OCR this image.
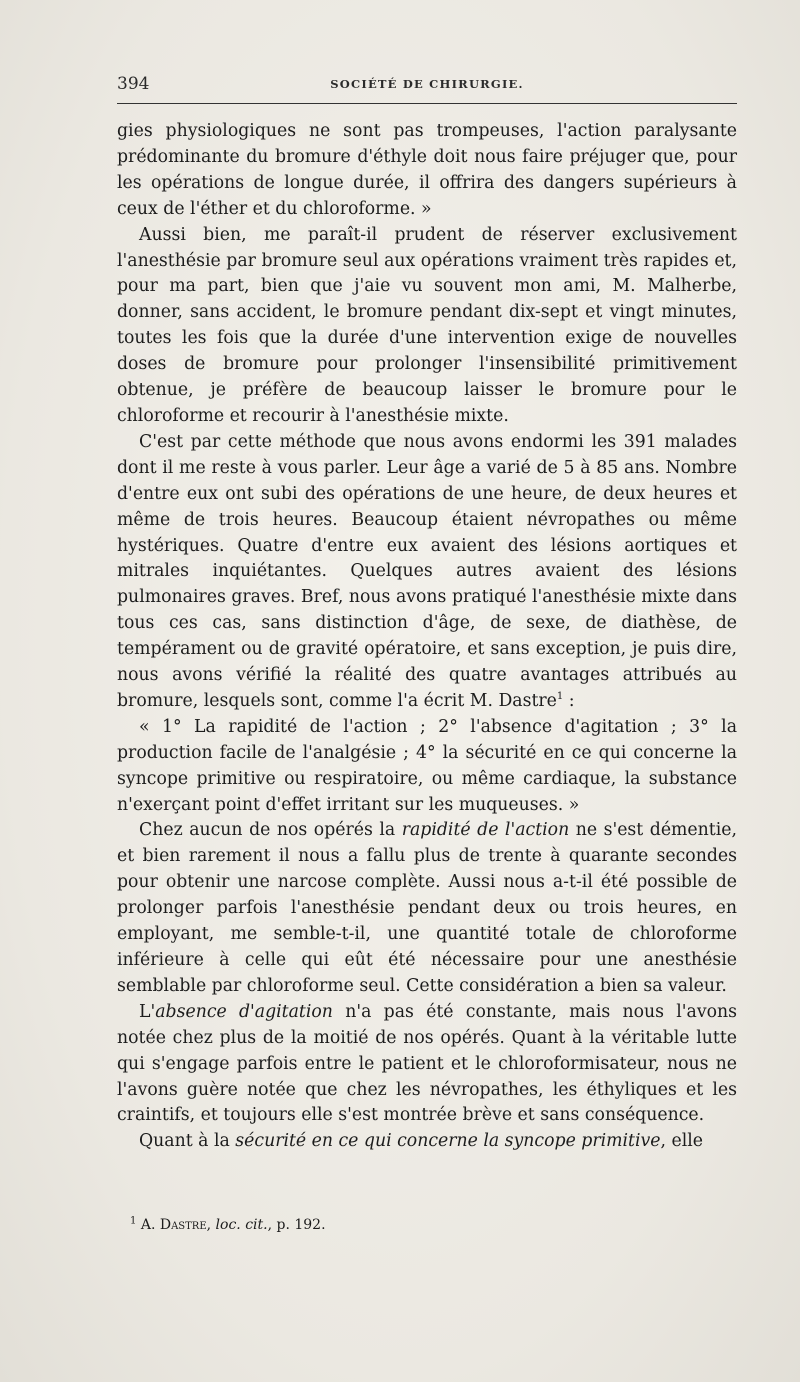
394	SOCIÉTÉ DE CHIRURGIE.

gies physiologiques ne sont pas trompeuses, l'action paralysante prédominante du bromure d'éthyle doit nous faire préjuger que, pour les opérations de longue durée, il offrira des dangers supérieurs à ceux de l'éther et du chloroforme. »

Aussi bien, me paraît-il prudent de réserver exclusivement l'anesthésie par bromure seul aux opérations vraiment très rapides et, pour ma part, bien que j'aie vu souvent mon ami, M. Malherbe, donner, sans accident, le bromure pendant dix-sept et vingt minutes, toutes les fois que la durée d'une intervention exige de nouvelles doses de bromure pour prolonger l'insensibilité primitivement obtenue, je préfère de beaucoup laisser le bromure pour le chloroforme et recourir à l'anesthésie mixte.

C'est par cette méthode que nous avons endormi les 391 malades dont il me reste à vous parler. Leur âge a varié de 5 à 85 ans. Nombre d'entre eux ont subi des opérations de une heure, de deux heures et même de trois heures. Beaucoup étaient névropathes ou même hystériques. Quatre d'entre eux avaient des lésions aortiques et mitrales inquiétantes. Quelques autres avaient des lésions pulmonaires graves. Bref, nous avons pratiqué l'anesthésie mixte dans tous ces cas, sans distinction d'âge, de sexe, de diathèse, de tempérament ou de gravité opératoire, et sans exception, je puis dire, nous avons vérifié la réalité des quatre avantages attribués au bromure, lesquels sont, comme l'a écrit M. Dastre$^1$ :

« 1° La rapidité de l'action ; 2° l'absence d'agitation ; 3° la production facile de l'analgésie ; 4° la sécurité en ce qui concerne la syncope primitive ou respiratoire, ou même cardiaque, la substance n'exerçant point d'effet irritant sur les muqueuses. »

Chez aucun de nos opérés la rapidité de l'action ne s'est démentie, et bien rarement il nous a fallu plus de trente à quarante secondes pour obtenir une narcose complète. Aussi nous a-t-il été possible de prolonger parfois l'anesthésie pendant deux ou trois heures, en employant, me semble-t-il, une quantité totale de chloroforme inférieure à celle qui eût été nécessaire pour une anesthésie semblable par chloroforme seul. Cette considération a bien sa valeur.

L'absence d'agitation n'a pas été constante, mais nous l'avons notée chez plus de la moitié de nos opérés. Quant à la véritable lutte qui s'engage parfois entre le patient et le chloroformisateur, nous ne l'avons guère notée que chez les névropathes, les éthyliques et les craintifs, et toujours elle s'est montrée brève et sans conséquence.

Quant à la sécurité en ce qui concerne la syncope primitive, elle

$^1$ A. Dastre, loc. cit., p. 192.
